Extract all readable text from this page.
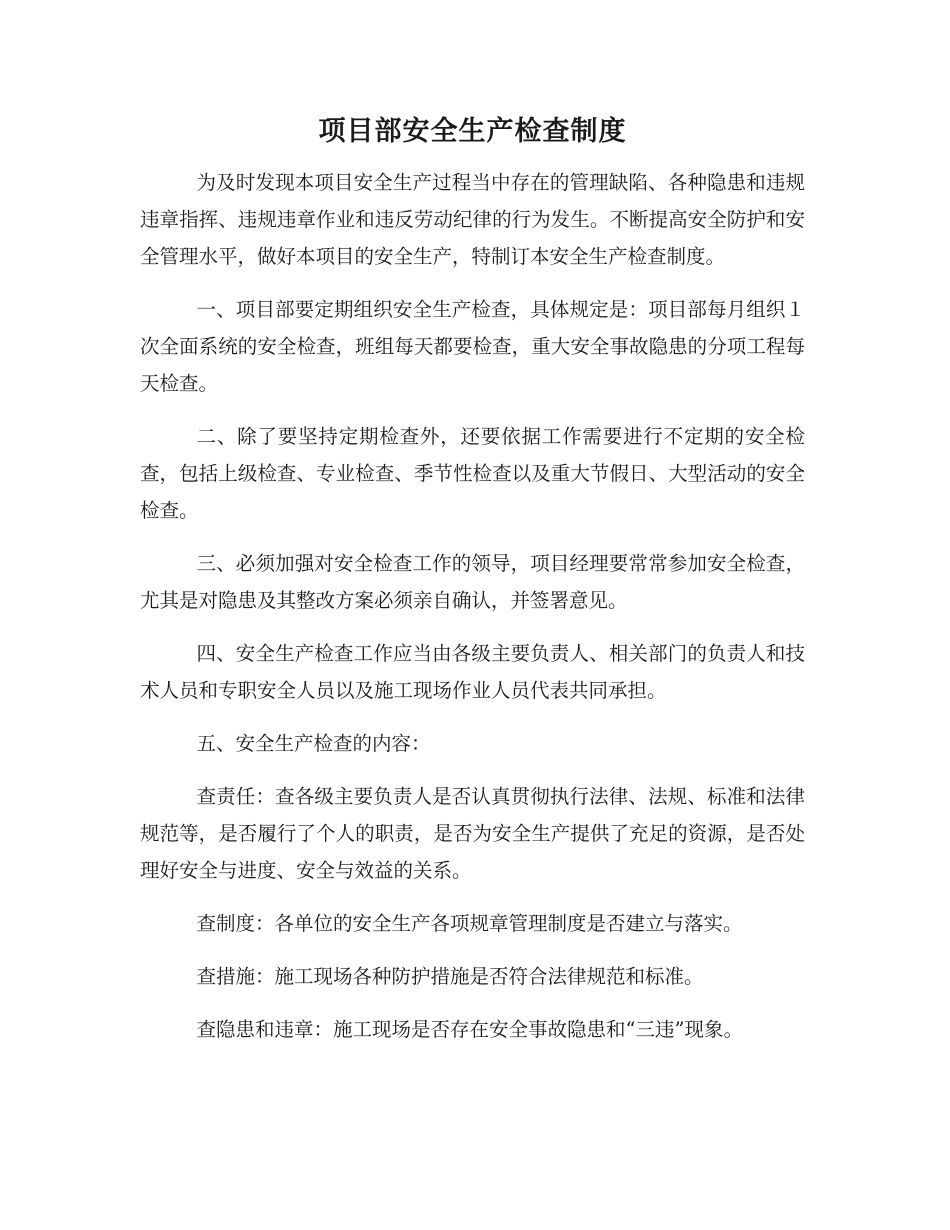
项目部安全生产检查制度

为及时发现本项目安全生产过程当中存在的管理缺陷、各种隐患和违规违章指挥、违规违章作业和违反劳动纪律的行为发生。不断提高安全防护和安全管理水平，做好本项目的安全生产，特制订本安全生产检查制度。

一、项目部要定期组织安全生产检查，具体规定是：项目部每月组织１次全面系统的安全检查，班组每天都要检查，重大安全事故隐患的分项工程每天检查。

二、除了要坚持定期检查外，还要依据工作需要进行不定期的安全检查，包括上级检查、专业检查、季节性检查以及重大节假日、大型活动的安全检查。

三、必须加强对安全检查工作的领导，项目经理要常常参加安全检查，尤其是对隐患及其整改方案必须亲自确认，并签署意见。

四、安全生产检查工作应当由各级主要负责人、相关部门的负责人和技术人员和专职安全人员以及施工现场作业人员代表共同承担。

五、安全生产检查的内容：

查责任：查各级主要负责人是否认真贯彻执行法律、法规、标准和法律规范等，是否履行了个人的职责，是否为安全生产提供了充足的资源，是否处理好安全与进度、安全与效益的关系。

查制度：各单位的安全生产各项规章管理制度是否建立与落实。

查措施：施工现场各种防护措施是否符合法律规范和标准。

查隐患和违章：施工现场是否存在安全事故隐患和“三违”现象。
